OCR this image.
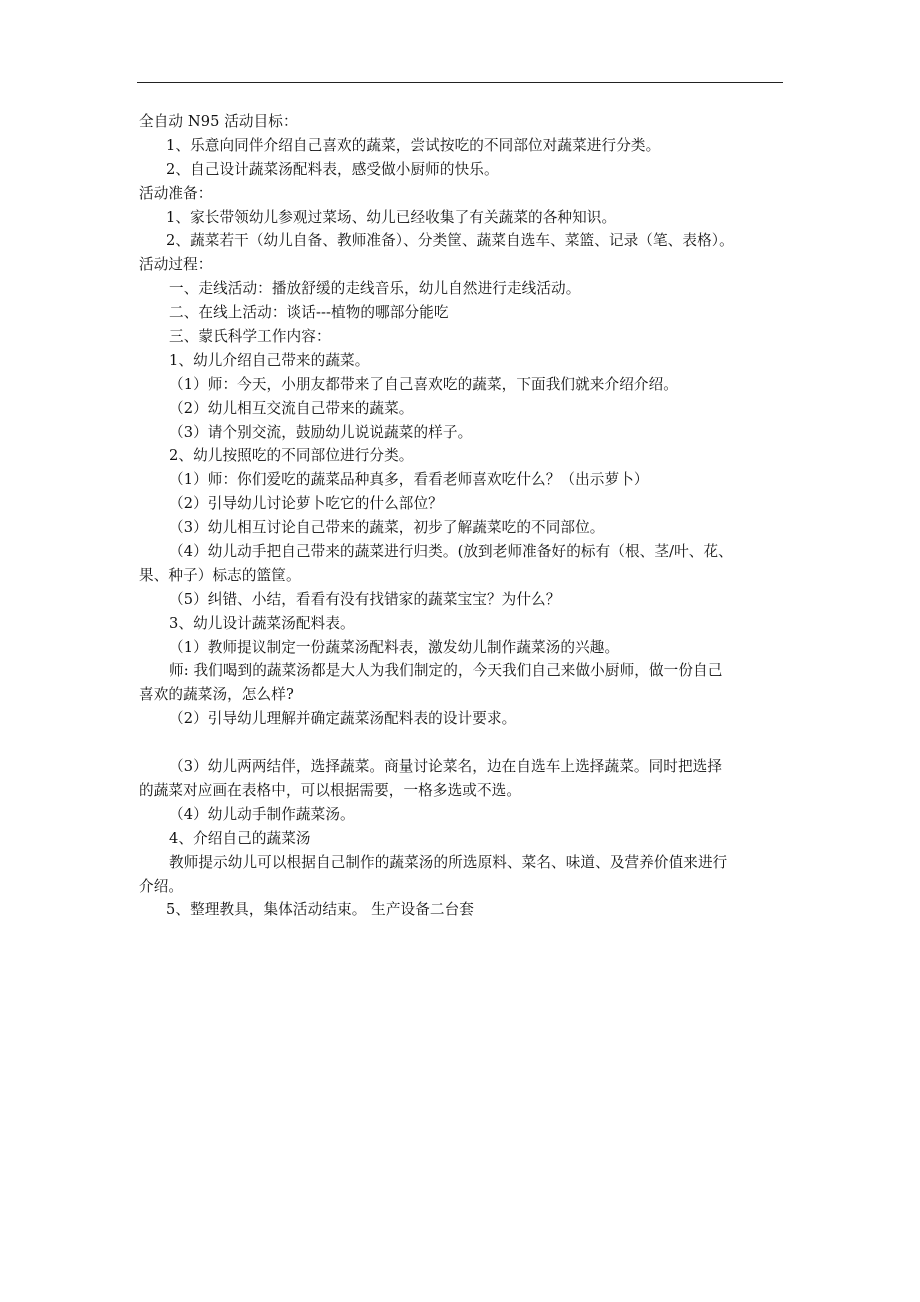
全自动 N95 活动目标：
1、乐意向同伴介绍自己喜欢的蔬菜，尝试按吃的不同部位对蔬菜进行分类。
2、自己设计蔬菜汤配料表，感受做小厨师的快乐。
活动准备：
1、家长带领幼儿参观过菜场、幼儿已经收集了有关蔬菜的各种知识。
2、蔬菜若干（幼儿自备、教师准备）、分类筐、蔬菜自选车、菜篮、记录（笔、表格）。
活动过程：
一、走线活动：播放舒缓的走线音乐，幼儿自然进行走线活动。
二、在线上活动：谈话---植物的哪部分能吃
三、蒙氏科学工作内容：
1、幼儿介绍自己带来的蔬菜。
（1）师：今天，小朋友都带来了自己喜欢吃的蔬菜，下面我们就来介绍介绍。
（2）幼儿相互交流自己带来的蔬菜。
（3）请个别交流，鼓励幼儿说说蔬菜的样子。
2、幼儿按照吃的不同部位进行分类。
（1）师：你们爱吃的蔬菜品种真多，看看老师喜欢吃什么？（出示萝卜）
（2）引导幼儿讨论萝卜吃它的什么部位？
（3）幼儿相互讨论自己带来的蔬菜，初步了解蔬菜吃的不同部位。
（4）幼儿动手把自己带来的蔬菜进行归类。(放到老师准备好的标有（根、茎/叶、花、
果、种子）标志的篮筐。
（5）纠错、小结，看看有没有找错家的蔬菜宝宝？为什么？
3、幼儿设计蔬菜汤配料表。
（1）教师提议制定一份蔬菜汤配料表，激发幼儿制作蔬菜汤的兴趣。
师: 我们喝到的蔬菜汤都是大人为我们制定的，今天我们自己来做小厨师，做一份自己
喜欢的蔬菜汤，怎么样?
（2）引导幼儿理解并确定蔬菜汤配料表的设计要求。
（3）幼儿两两结伴，选择蔬菜。商量讨论菜名，边在自选车上选择蔬菜。同时把选择
的蔬菜对应画在表格中，可以根据需要，一格多选或不选。
（4）幼儿动手制作蔬菜汤。
4、介绍自己的蔬菜汤
教师提示幼儿可以根据自己制作的蔬菜汤的所选原料、菜名、味道、及营养价值来进行
介绍。
5、整理教具，集体活动结束。 生产设备二台套
